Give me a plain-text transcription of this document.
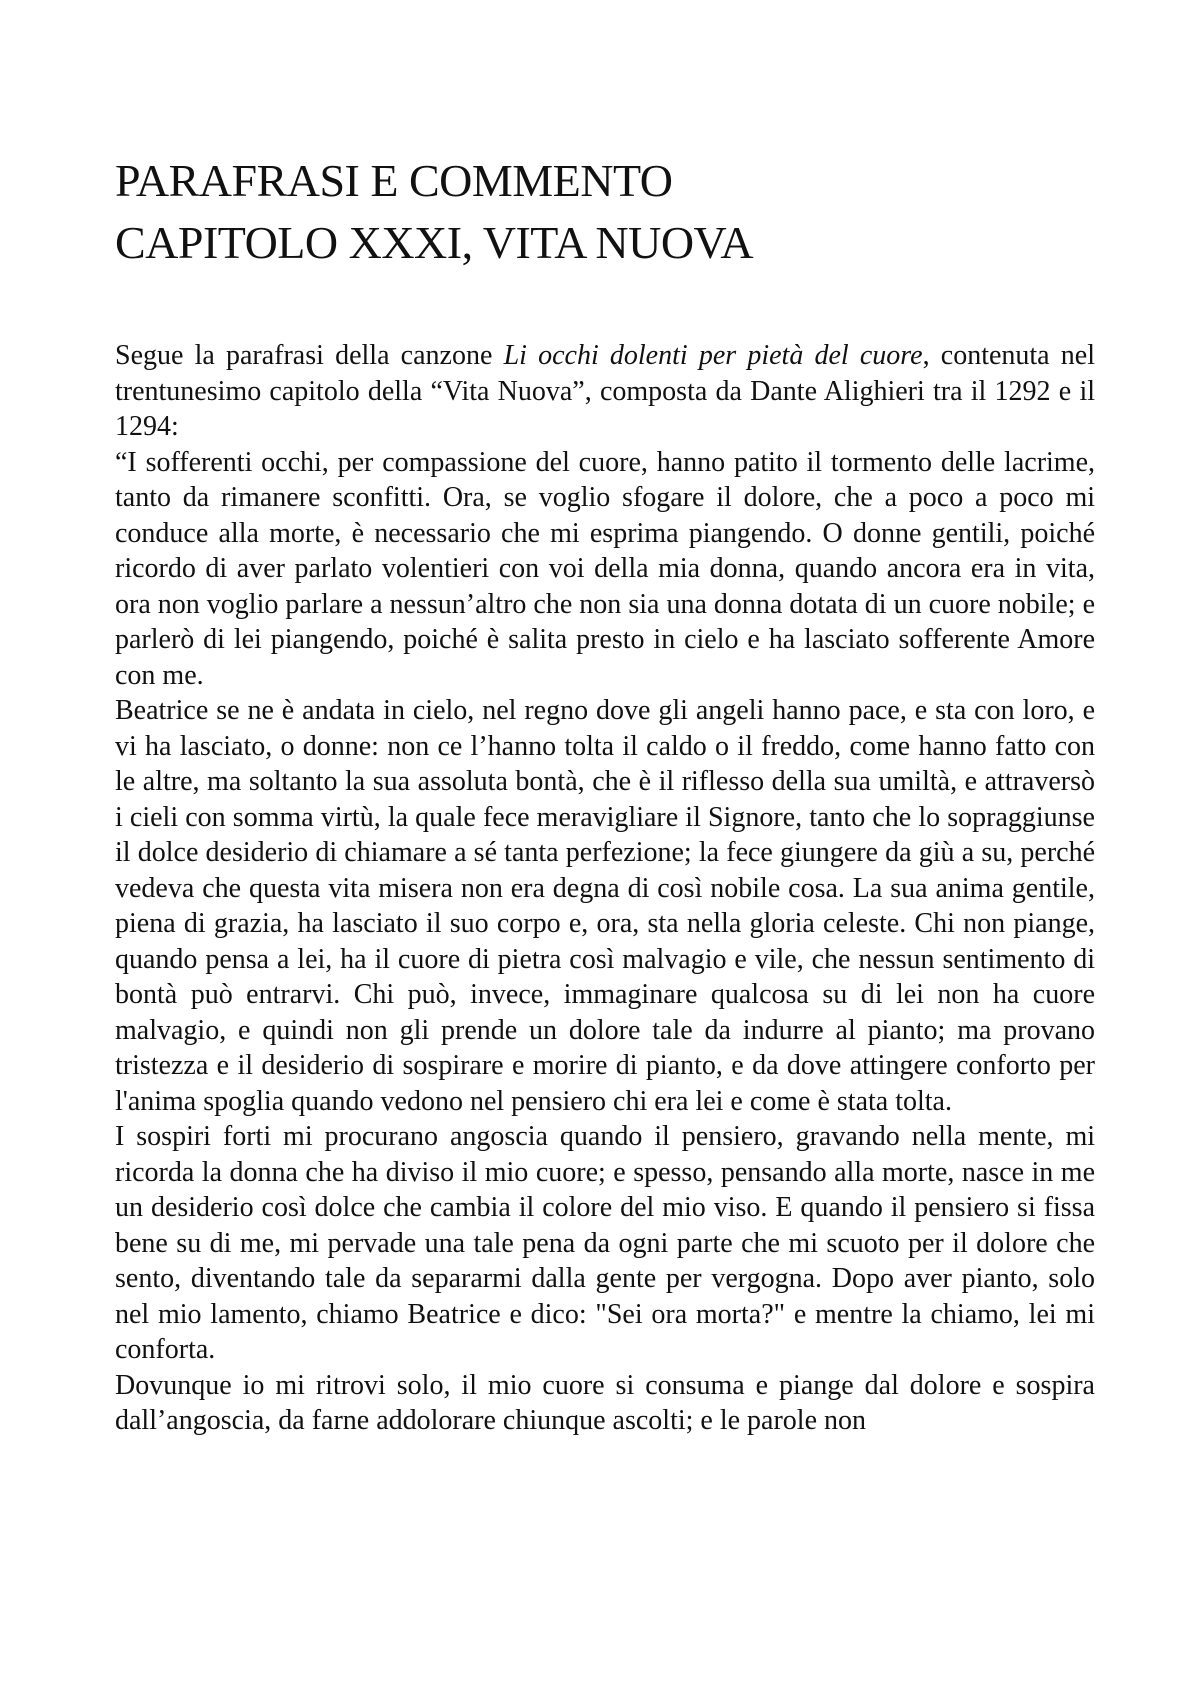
PARAFRASI E COMMENTO
CAPITOLO XXXI, VITA NUOVA

Segue la parafrasi della canzone Li occhi dolenti per pietà del cuore, contenuta nel trentunesimo capitolo della “Vita Nuova”, composta da Dante Alighieri tra il 1292 e il 1294:

“I sofferenti occhi, per compassione del cuore, hanno patito il tormento delle lacrime, tanto da rimanere sconfitti. Ora, se voglio sfogare il dolore, che a poco a poco mi conduce alla morte, è necessario che mi esprima piangendo. O donne gentili, poiché ricordo di aver parlato volentieri con voi della mia donna, quando ancora era in vita, ora non voglio parlare a nessun’altro che non sia una donna dotata di un cuore nobile; e parlerò di lei piangendo, poiché è salita presto in cielo e ha lasciato sofferente Amore con me.

Beatrice se ne è andata in cielo, nel regno dove gli angeli hanno pace, e sta con loro, e vi ha lasciato, o donne: non ce l’hanno tolta il caldo o il freddo, come hanno fatto con le altre, ma soltanto la sua assoluta bontà, che è il riflesso della sua umiltà, e attraversò i cieli con somma virtù, la quale fece meravigliare il Signore, tanto che lo sopraggiunse il dolce desiderio di chiamare a sé tanta perfezione; la fece giungere da giù a su, perché vedeva che questa vita misera non era degna di così nobile cosa. La sua anima gentile, piena di grazia, ha lasciato il suo corpo e, ora, sta nella gloria celeste. Chi non piange, quando pensa a lei, ha il cuore di pietra così malvagio e vile, che nessun sentimento di bontà può entrarvi. Chi può, invece, immaginare qualcosa su di lei non ha cuore malvagio, e quindi non gli prende un dolore tale da indurre al pianto; ma provano tristezza e il desiderio di sospirare e morire di pianto, e da dove attingere conforto per l'anima spoglia quando vedono nel pensiero chi era lei e come è stata tolta.

I sospiri forti mi procurano angoscia quando il pensiero, gravando nella mente, mi ricorda la donna che ha diviso il mio cuore; e spesso, pensando alla morte, nasce in me un desiderio così dolce che cambia il colore del mio viso. E quando il pensiero si fissa bene su di me, mi pervade una tale pena da ogni parte che mi scuoto per il dolore che sento, diventando tale da separarmi dalla gente per vergogna. Dopo aver pianto, solo nel mio lamento, chiamo Beatrice e dico: "Sei ora morta?" e mentre la chiamo, lei mi conforta.

Dovunque io mi ritrovi solo, il mio cuore si consuma e piange dal dolore e sospira dall’angoscia, da farne addolorare chiunque ascolti; e le parole non
